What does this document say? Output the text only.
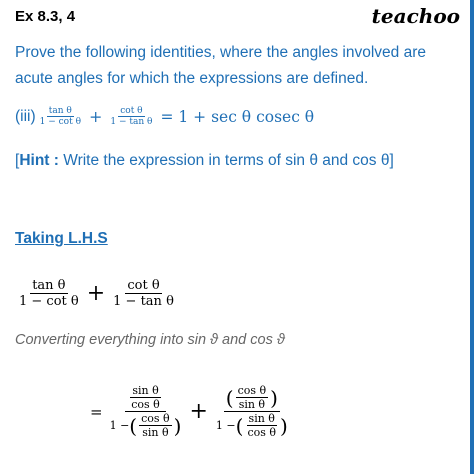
Ex 8.3, 4	teachoo
Prove the following identities, where the angles involved are acute angles for which the expressions are defined.
$(iii) \frac{\text{tan θ}}{\text{1 − cot θ}} + \frac{\text{cot θ}}{\text{1 − tan θ}} = 1 + \sec \theta$ cosec θ
[Hint : Write the expression in terms of sin θ and cos θ]
Taking L.H.S
$\frac{\text{tan θ}}{\text{1 − cot θ}} + \frac{\text{cot θ}}{\text{1 − tan θ}}$
Converting everything into sin ϑ and cos ϑ
=
$\frac{\text{sin θ}}{\text{cos θ}}$
1 − ( $\frac{\text{cos θ}}{\text{sin θ}}$ )
+
( $\frac{\text{cos θ}}{\text{sin θ}}$ )
1 − ( $\frac{\text{sin θ}}{\text{cos θ}}$ )
